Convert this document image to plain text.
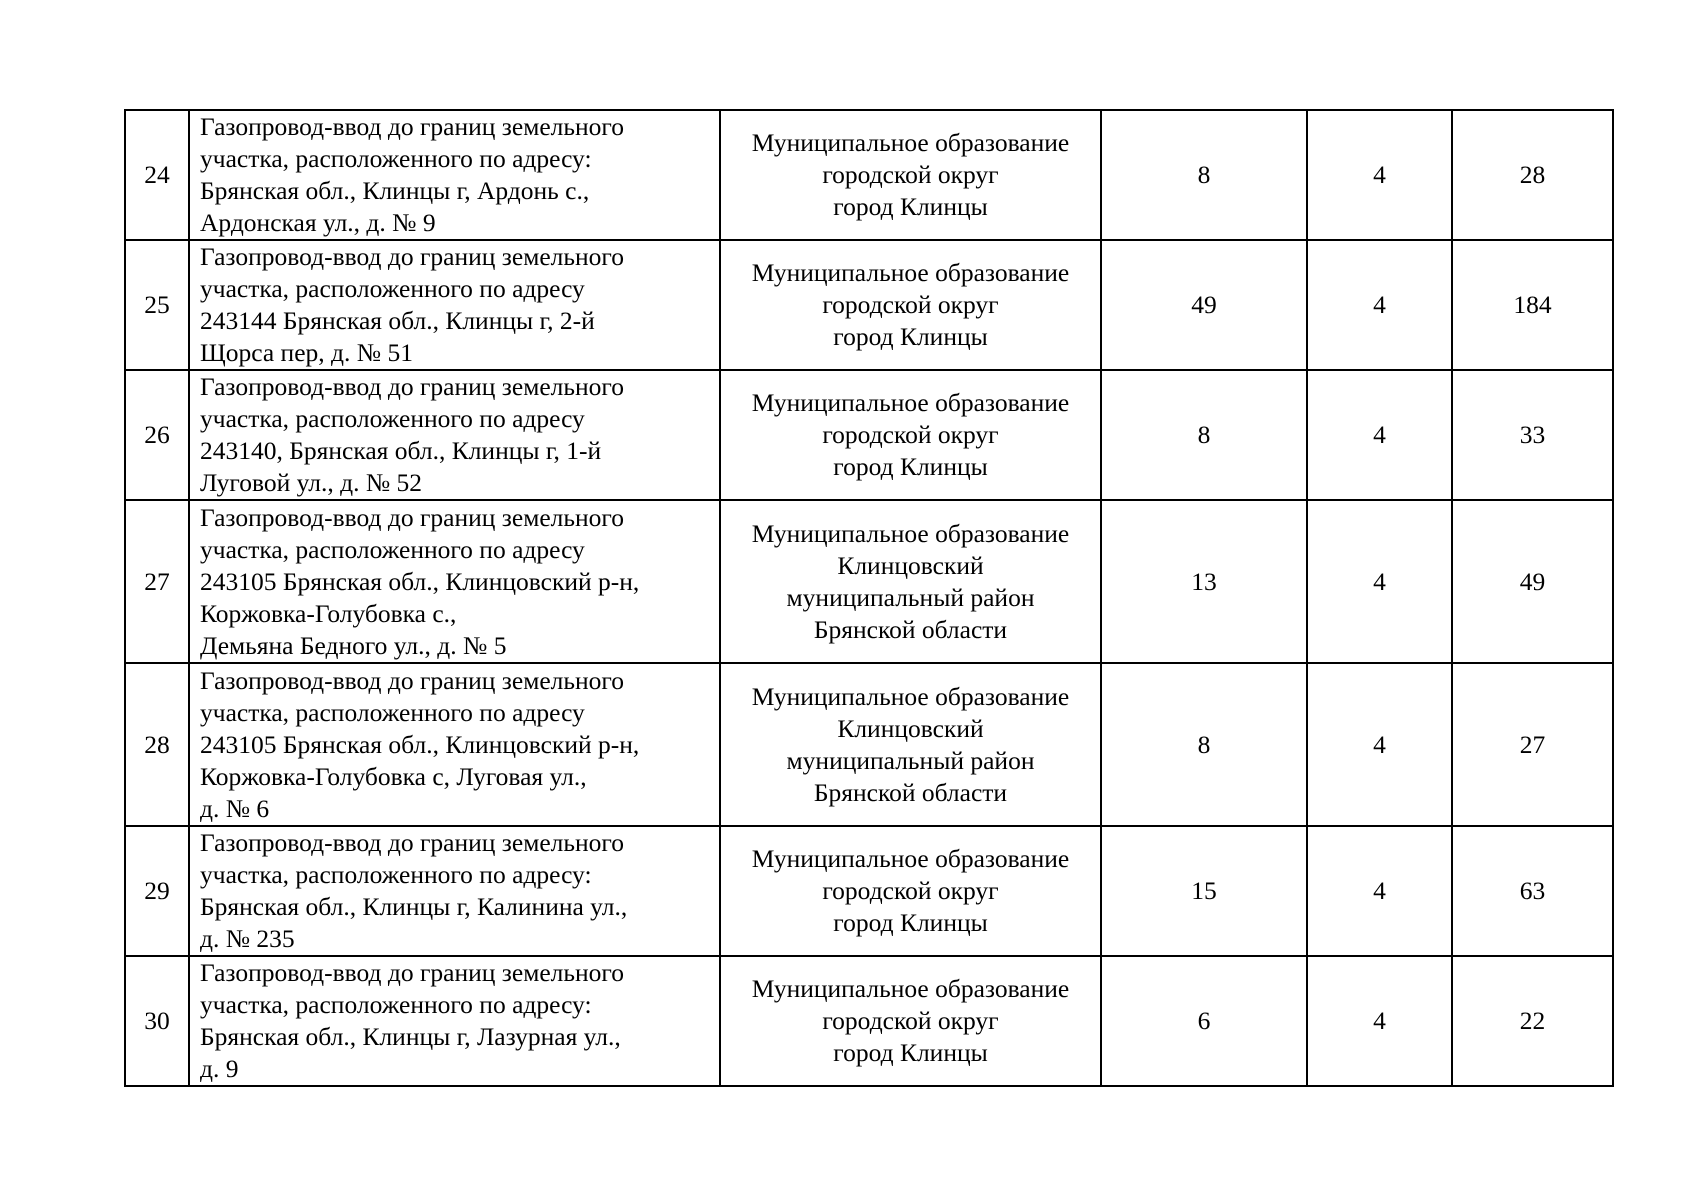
24	Газопровод-ввод до границ земельного
участка, расположенного по адресу:
Брянская обл., Клинцы г, Ардонь с.,
Ардонская ул., д. № 9	Муниципальное образование
городской округ
город Клинцы	8	4	28
25	Газопровод-ввод до границ земельного
участка, расположенного по адресу
243144 Брянская обл., Клинцы г, 2-й
Щорса пер, д. № 51	Муниципальное образование
городской округ
город Клинцы	49	4	184
26	Газопровод-ввод до границ земельного
участка, расположенного по адресу
243140, Брянская обл., Клинцы г, 1-й
Луговой ул., д. № 52	Муниципальное образование
городской округ
город Клинцы	8	4	33
27	Газопровод-ввод до границ земельного
участка, расположенного по адресу
243105 Брянская обл., Клинцовский р-н,
Коржовка-Голубовка с.,
Демьяна Бедного ул., д. № 5	Муниципальное образование
Клинцовский
муниципальный район
Брянской области	13	4	49
28	Газопровод-ввод до границ земельного
участка, расположенного по адресу
243105 Брянская обл., Клинцовский р-н,
Коржовка-Голубовка с, Луговая ул.,
д. № 6	Муниципальное образование
Клинцовский
муниципальный район
Брянской области	8	4	27
29	Газопровод-ввод до границ земельного
участка, расположенного по адресу:
Брянская обл., Клинцы г, Калинина ул.,
д. № 235	Муниципальное образование
городской округ
город Клинцы	15	4	63
30	Газопровод-ввод до границ земельного
участка, расположенного по адресу:
Брянская обл., Клинцы г, Лазурная ул.,
д. 9	Муниципальное образование
городской округ
город Клинцы	6	4	22
